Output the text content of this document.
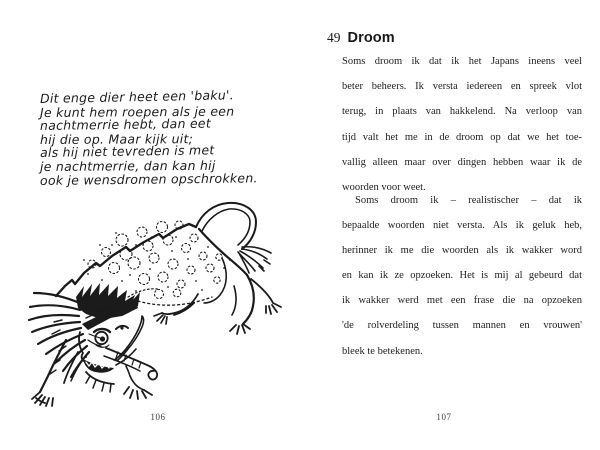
Dit enge dier heet een 'baku'.
Je kunt hem roepen als je een
nachtmerrie hebt, dan eet
hij die op. Maar kijk uit;
als hij niet tevreden is met
je nachtmerrie, dan kan hij
ook je wensdromen opschrokken.
106
49 Droom
Soms droom ik dat ik het Japans ineens veel
beter beheers. Ik versta iedereen en spreek vlot
terug, in plaats van hakkelend. Na verloop van
tijd valt het me in de droom op dat we het toe-
vallig alleen maar over dingen hebben waar ik de
woorden voor weet.
Soms droom ik – realistischer – dat ik
bepaalde woorden niet versta. Als ik geluk heb,
herinner ik me die woorden als ik wakker word
en kan ik ze opzoeken. Het is mij al gebeurd dat
ik wakker werd met een frase die na opzoeken
'de rolverdeling tussen mannen en vrouwen'
bleek te betekenen.
107
